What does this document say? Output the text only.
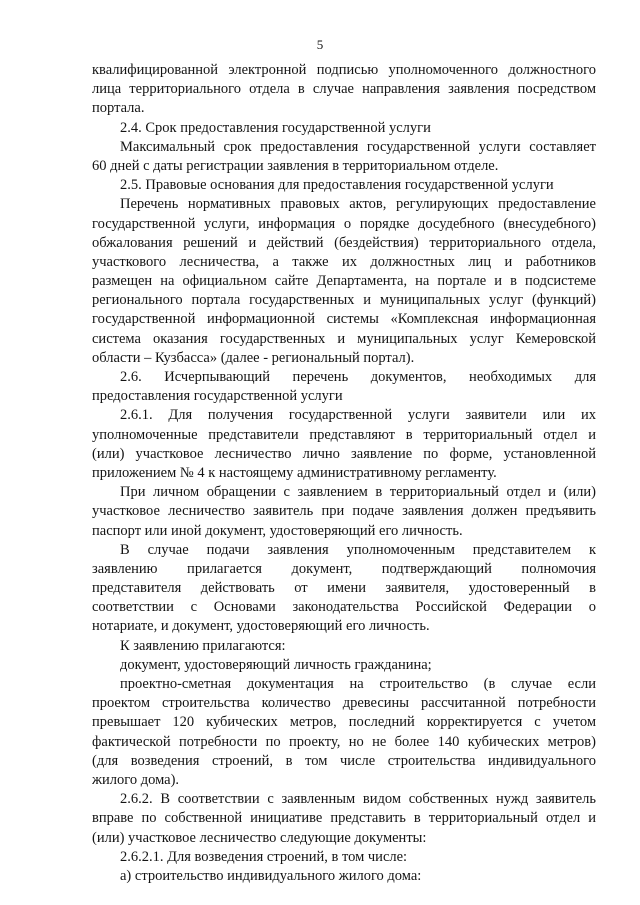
5
квалифицированной электронной подписью уполномоченного должностного
лица территориального отдела в случае направления заявления посредством
портала.
2.4. Срок предоставления государственной услуги
Максимальный срок предоставления государственной услуги составляет
60 дней с даты регистрации заявления в территориальном отделе.
2.5. Правовые основания для предоставления государственной услуги
Перечень нормативных правовых актов, регулирующих предоставление
государственной услуги, информация о порядке досудебного (внесудебного)
обжалования решений и действий (бездействия) территориального отдела,
участкового лесничества, а также их должностных лиц и работников
размещен на официальном сайте Департамента, на портале и в подсистеме
регионального портала государственных и муниципальных услуг (функций)
государственной информационной системы «Комплексная информационная
система оказания государственных и муниципальных услуг Кемеровской
области – Кузбасса» (далее - региональный портал).
2.6. Исчерпывающий перечень документов, необходимых для
предоставления государственной услуги
2.6.1. Для получения государственной услуги заявители или их
уполномоченные представители представляют в территориальный отдел и
(или) участковое лесничество лично заявление по форме, установленной
приложением № 4 к настоящему административному регламенту.
При личном обращении с заявлением в территориальный отдел и (или)
участковое лесничество заявитель при подаче заявления должен предъявить
паспорт или иной документ, удостоверяющий его личность.
В случае подачи заявления уполномоченным представителем к
заявлению прилагается документ, подтверждающий полномочия
представителя действовать от имени заявителя, удостоверенный в
соответствии с Основами законодательства Российской Федерации о
нотариате, и документ, удостоверяющий его личность.
К заявлению прилагаются:
документ, удостоверяющий личность гражданина;
проектно-сметная документация на строительство (в случае если
проектом строительства количество древесины рассчитанной потребности
превышает 120 кубических метров, последний корректируется с учетом
фактической потребности по проекту, но не более 140 кубических метров)
(для возведения строений, в том числе строительства индивидуального
жилого дома).
2.6.2. В соответствии с заявленным видом собственных нужд заявитель
вправе по собственной инициативе представить в территориальный отдел и
(или) участковое лесничество следующие документы:
2.6.2.1. Для возведения строений, в том числе:
а) строительство индивидуального жилого дома:
